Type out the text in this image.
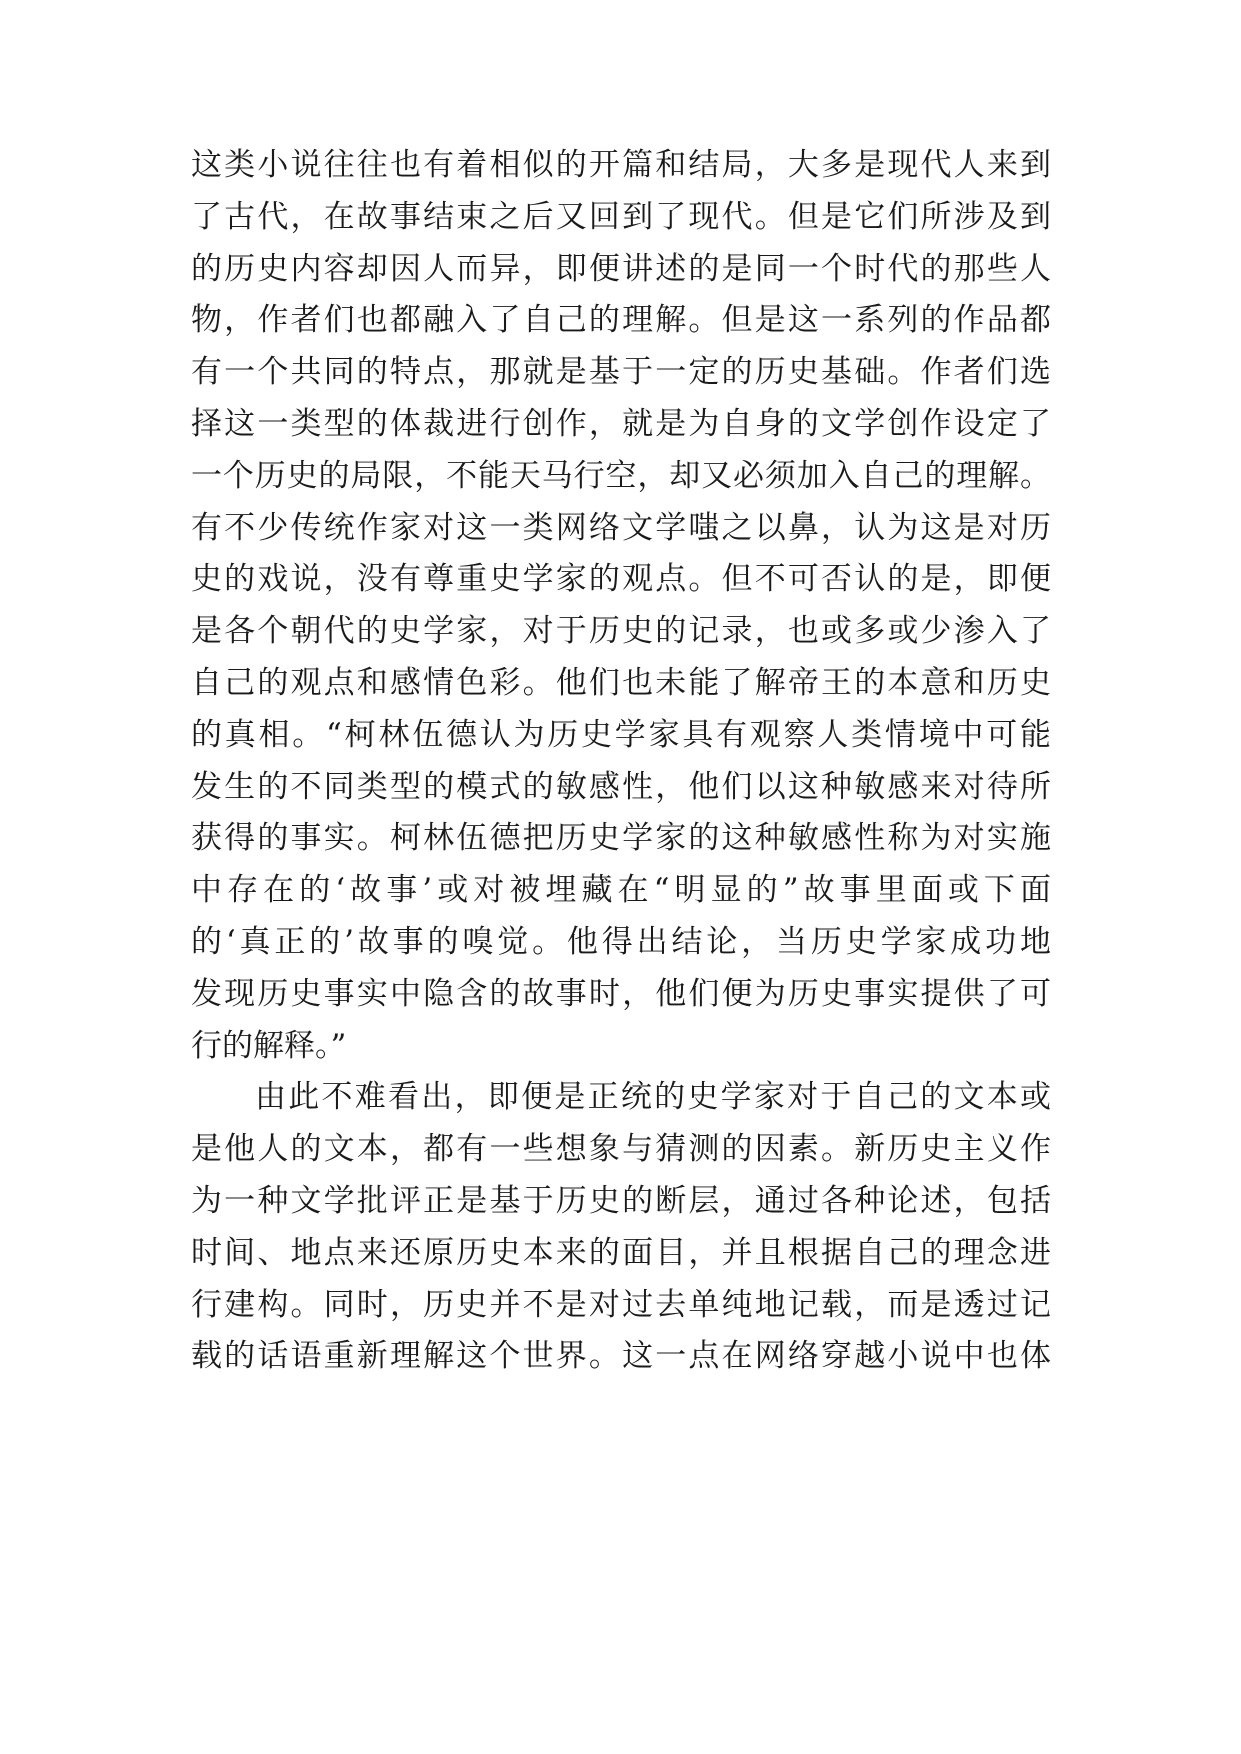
这类小说往往也有着相似的开篇和结局，大多是现代人来到
了古代，在故事结束之后又回到了现代。但是它们所涉及到
的历史内容却因人而异，即便讲述的是同一个时代的那些人
物，作者们也都融入了自己的理解。但是这一系列的作品都
有一个共同的特点，那就是基于一定的历史基础。作者们选
择这一类型的体裁进行创作，就是为自身的文学创作设定了
一个历史的局限，不能天马行空，却又必须加入自己的理解。
有不少传统作家对这一类网络文学嗤之以鼻，认为这是对历
史的戏说，没有尊重史学家的观点。但不可否认的是，即便
是各个朝代的史学家，对于历史的记录，也或多或少渗入了
自己的观点和感情色彩。他们也未能了解帝王的本意和历史
的真相。“柯林伍德认为历史学家具有观察人类情境中可能
发生的不同类型的模式的敏感性，他们以这种敏感来对待所
获得的事实。柯林伍德把历史学家的这种敏感性称为对实施
中存在的‘故事’或对被埋藏在“明显的”故事里面或下面
的‘真正的’故事的嗅觉。他得出结论，当历史学家成功地
发现历史事实中隐含的故事时，他们便为历史事实提供了可
行的解释。”
由此不难看出，即便是正统的史学家对于自己的文本或
是他人的文本，都有一些想象与猜测的因素。新历史主义作
为一种文学批评正是基于历史的断层，通过各种论述，包括
时间、地点来还原历史本来的面目，并且根据自己的理念进
行建构。同时，历史并不是对过去单纯地记载，而是透过记
载的话语重新理解这个世界。这一点在网络穿越小说中也体
